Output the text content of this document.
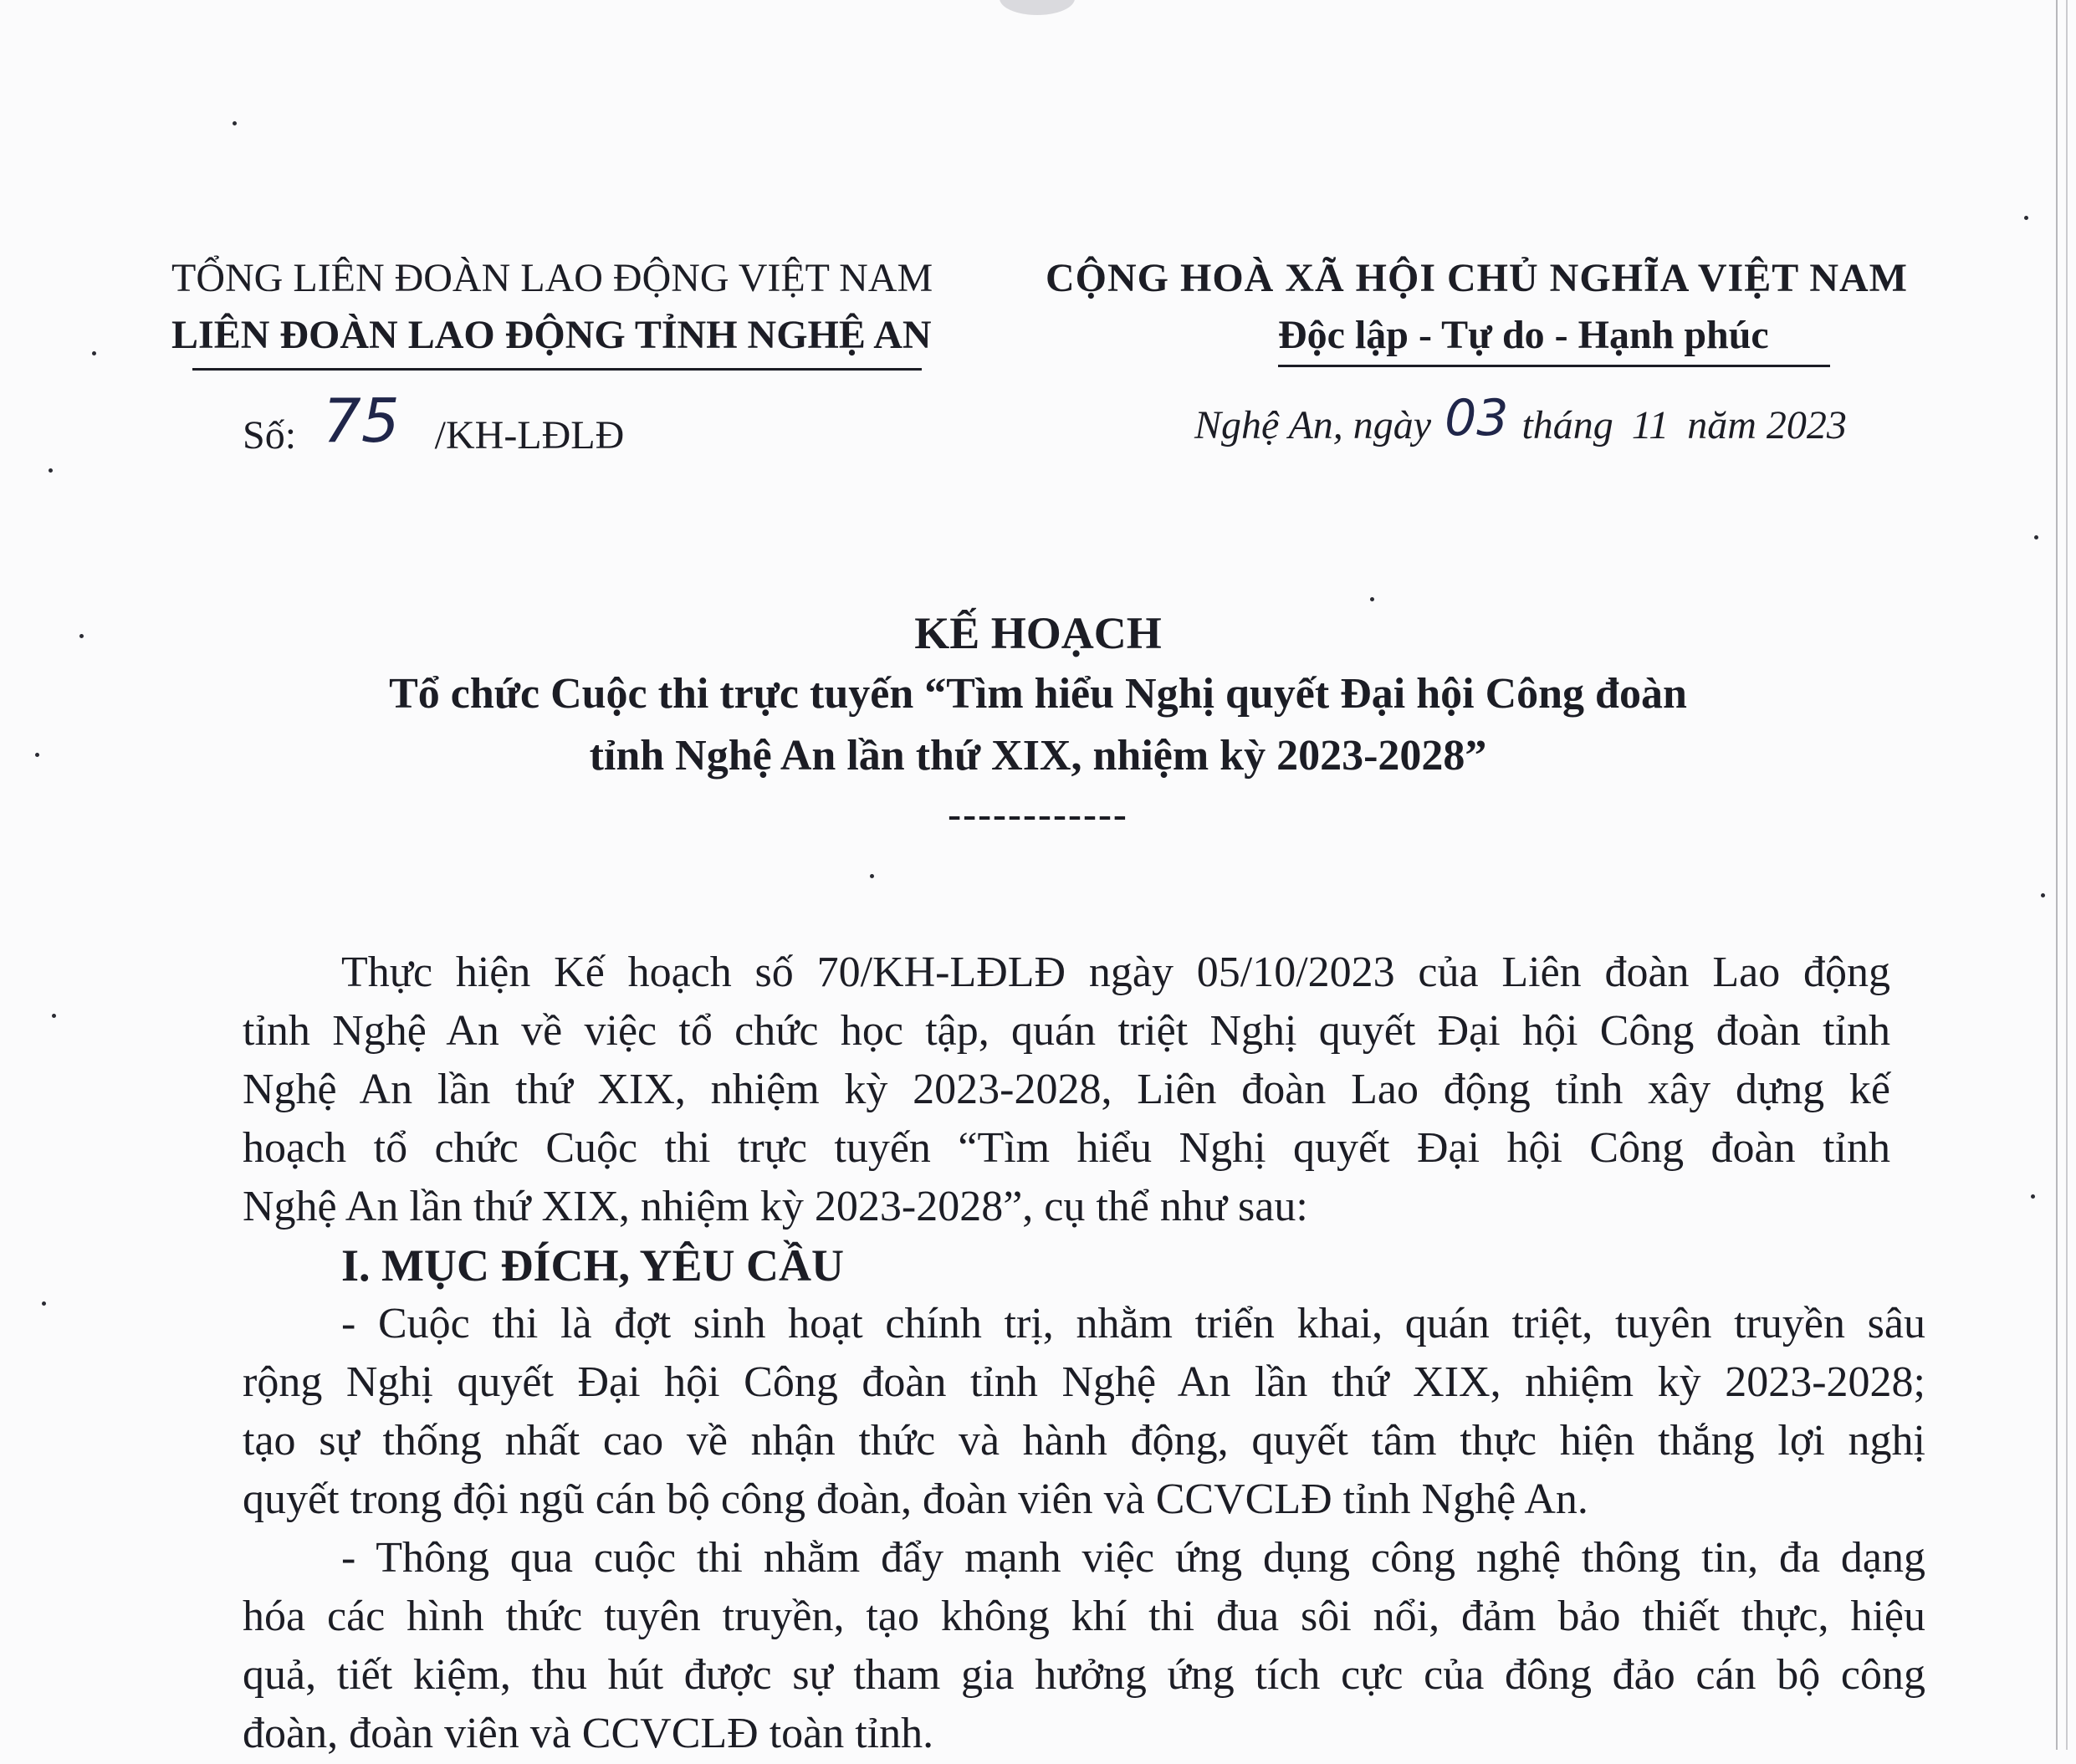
TỔNG LIÊN ĐOÀN LAO ĐỘNG VIỆT NAM
LIÊN ĐOÀN LAO ĐỘNG TỈNH NGHỆ AN
CỘNG HOÀ XÃ HỘI CHỦ NGHĨA VIỆT NAM
Độc lập - Tự do - Hạnh phúc
Số: 75 /KH-LĐLĐ	Nghệ An, ngày 03 tháng 11 năm 2023
KẾ HOẠCH
Tổ chức Cuộc thi trực tuyến “Tìm hiểu Nghị quyết Đại hội Công đoàn
tỉnh Nghệ An lần thứ XIX, nhiệm kỳ 2023-2028”
------------
Thực hiện Kế hoạch số 70/KH-LĐLĐ ngày 05/10/2023 của Liên đoàn Lao động
tỉnh Nghệ An về việc tổ chức học tập, quán triệt Nghị quyết Đại hội Công đoàn tỉnh
Nghệ An lần thứ XIX, nhiệm kỳ 2023-2028, Liên đoàn Lao động tỉnh xây dựng kế
hoạch tổ chức Cuộc thi trực tuyến “Tìm hiểu Nghị quyết Đại hội Công đoàn tỉnh
Nghệ An lần thứ XIX, nhiệm kỳ 2023-2028”, cụ thể như sau:
I. MỤC ĐÍCH, YÊU CẦU
- Cuộc thi là đợt sinh hoạt chính trị, nhằm triển khai, quán triệt, tuyên truyền sâu
rộng Nghị quyết Đại hội Công đoàn tỉnh Nghệ An lần thứ XIX, nhiệm kỳ 2023-2028;
tạo sự thống nhất cao về nhận thức và hành động, quyết tâm thực hiện thắng lợi nghị
quyết trong đội ngũ cán bộ công đoàn, đoàn viên và CCVCLĐ tỉnh Nghệ An.
- Thông qua cuộc thi nhằm đẩy mạnh việc ứng dụng công nghệ thông tin, đa dạng
hóa các hình thức tuyên truyền, tạo không khí thi đua sôi nổi, đảm bảo thiết thực, hiệu
quả, tiết kiệm, thu hút được sự tham gia hưởng ứng tích cực của đông đảo cán bộ công
đoàn, đoàn viên và CCVCLĐ toàn tỉnh.
